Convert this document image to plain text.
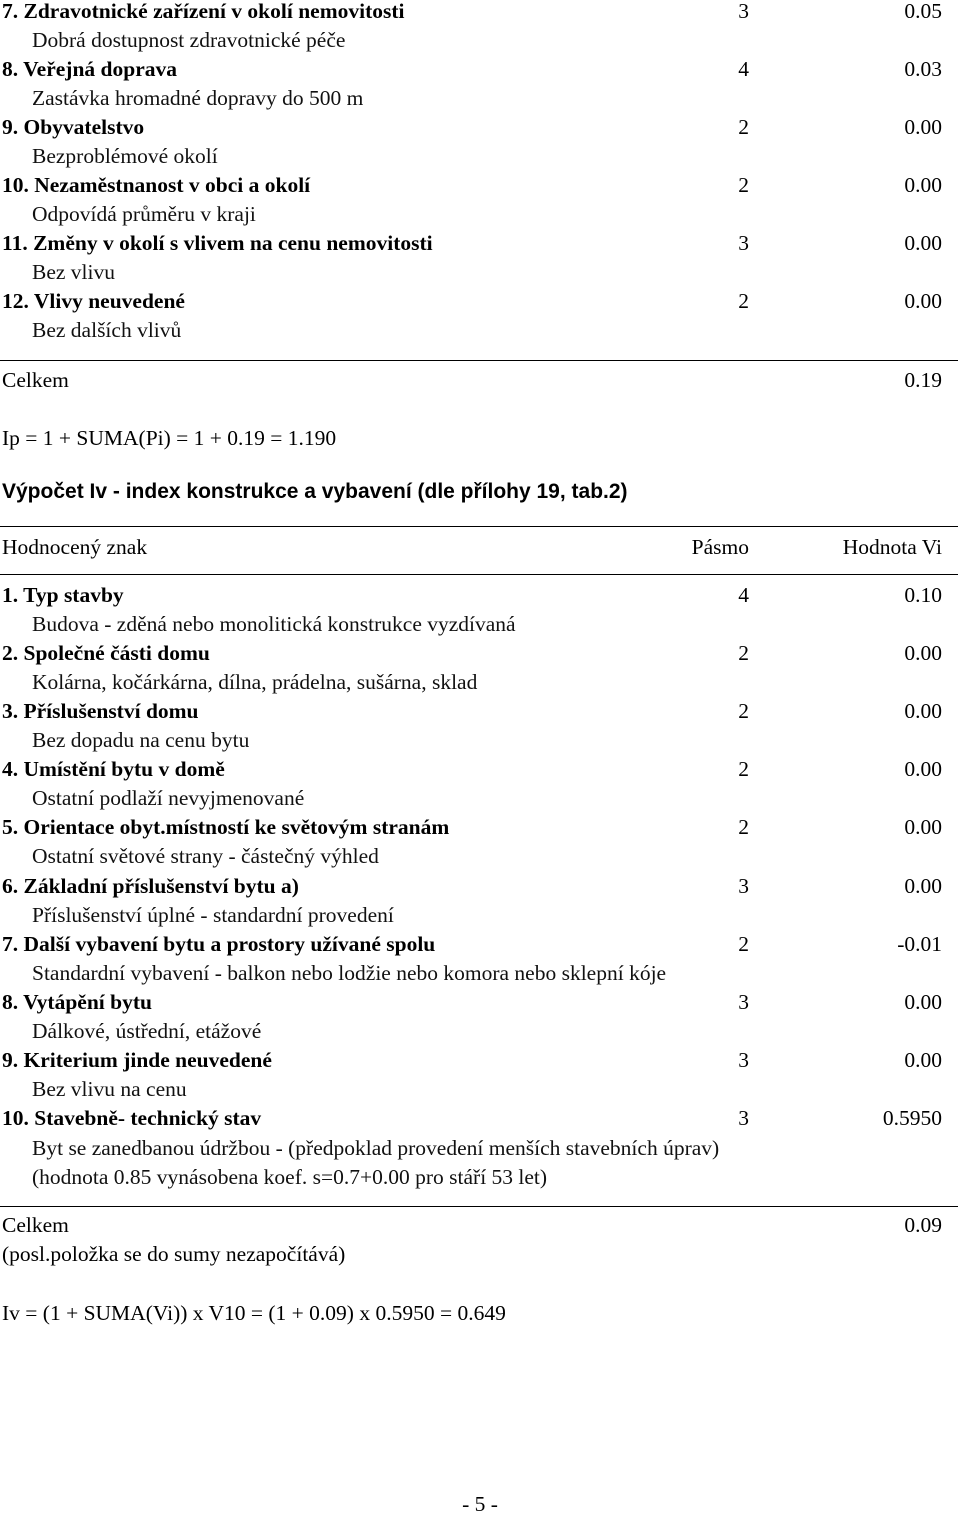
7. Zdravotnické zařízení v okolí nemovitosti	3	0.05
Dobrá dostupnost zdravotnické péče
8. Veřejná doprava	4	0.03
Zastávka hromadné dopravy do 500 m
9. Obyvatelstvo	2	0.00
Bezproblémové okolí
10. Nezaměstnanost v obci a okolí	2	0.00
Odpovídá průměru v kraji
11. Změny v okolí s vlivem na cenu nemovitosti	3	0.00
Bez vlivu
12. Vlivy neuvedené	2	0.00
Bez dalších vlivů
Celkem	0.19
Ip = 1 + SUMA(Pi) = 1 + 0.19 = 1.190
Výpočet Iv - index konstrukce a vybavení (dle přílohy 19, tab.2)
Hodnocený znak	Pásmo	Hodnota Vi
1. Typ stavby	4	0.10
Budova - zděná nebo monolitická konstrukce vyzdívaná
2. Společné části domu	2	0.00
Kolárna, kočárkárna, dílna, prádelna, sušárna, sklad
3. Příslušenství domu	2	0.00
Bez dopadu na cenu bytu
4. Umístění bytu v domě	2	0.00
Ostatní podlaží nevyjmenované
5. Orientace obyt.místností ke světovým stranám	2	0.00
Ostatní světové strany - částečný výhled
6. Základní příslušenství bytu a)	3	0.00
Příslušenství úplné - standardní provedení
7. Další vybavení bytu a prostory užívané spolu	2	-0.01
Standardní vybavení - balkon nebo lodžie nebo komora nebo sklepní kóje
8. Vytápění bytu	3	0.00
Dálkové, ústřední, etážové
9. Kriterium jinde neuvedené	3	0.00
Bez vlivu na cenu
10. Stavebně- technický stav	3	0.5950
Byt se zanedbanou údržbou - (předpoklad provedení menších stavebních úprav)
(hodnota 0.85 vynásobena koef. s=0.7+0.00 pro stáří 53 let)
Celkem	0.09
(posl.položka se do sumy nezapočítává)
Iv = (1 + SUMA(Vi)) x V10 = (1 + 0.09) x 0.5950 = 0.649
- 5 -
